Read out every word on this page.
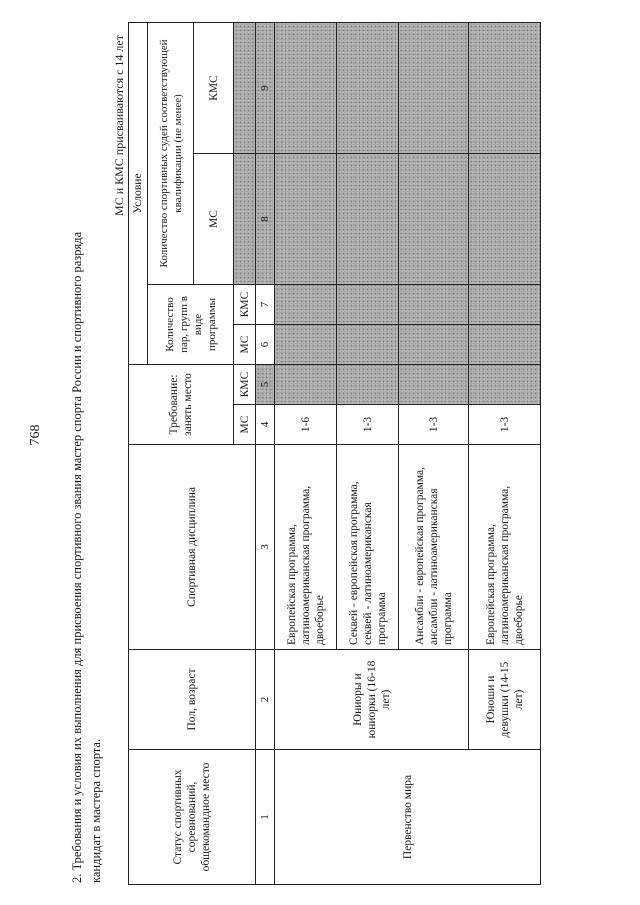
768 2. Требования и условия их выполнения для присвоения спортивного звания мастер спорта России и спортивного разряда кандидат в мастера спорта.
МС и КМС присваиваются с 14 лет
Статус спортивных соревнований, общекомандное место	Пол, возраст	Спортивная дисциплина	Требование: занять место		Условие			
					Количество пар, групп в виде программы		Количество спортивных судей соответствующей квалификации (не менее)	
							МС	КМС
			МС	КМС	МС	КМС		
1	2	3	4	5	6	7	8	9
Первенство мира	Юниоры и юниорки (16-18 лет)	Европейская программа, латиноамериканская программа, двоеборье	1-6					
		Секвей - европейская программа, секвей - латиноамериканская программа	1-3					
		Ансамбли - европейская программа, ансамбли - латиноамериканская программа	1-3					
	Юноши и девушки (14-15 лет)	Европейская программа, латиноамериканская программа, двоеборье	1-3					
